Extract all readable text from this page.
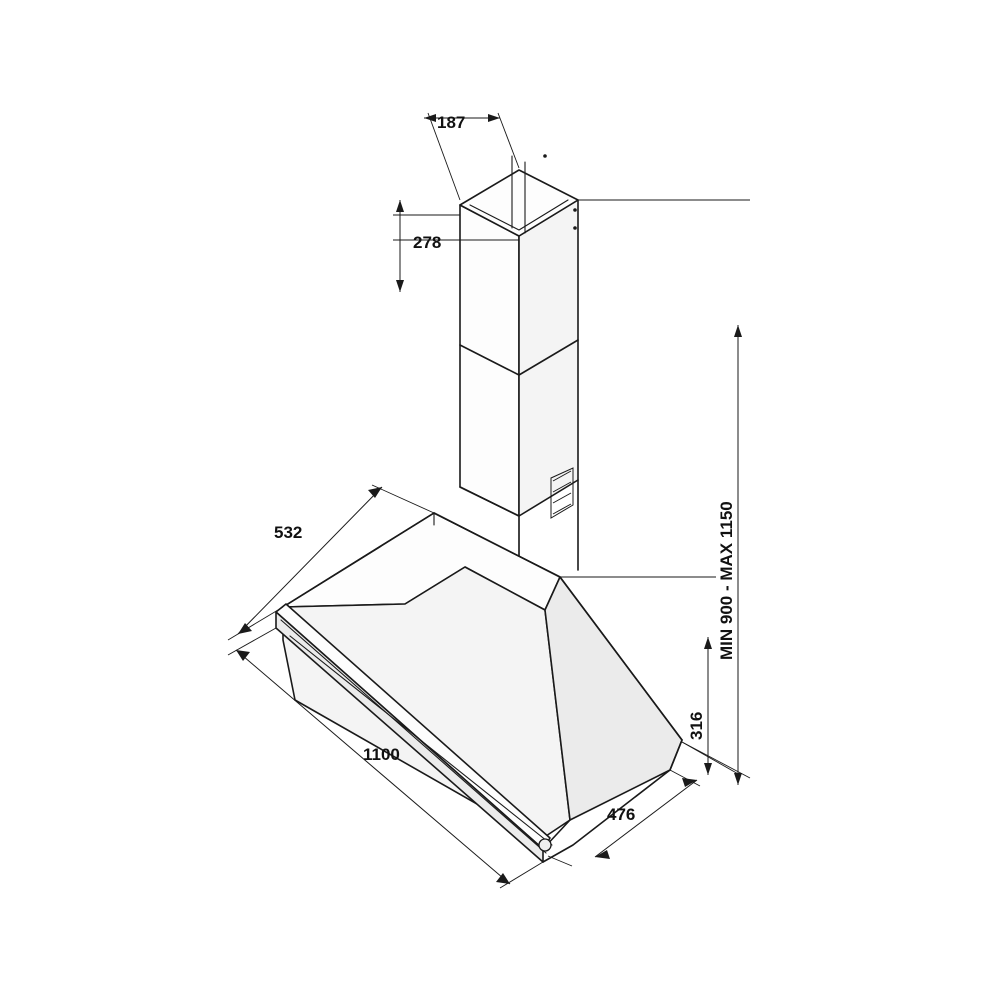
187
278
532
1100
476
316
MIN 900 - MAX 1150
